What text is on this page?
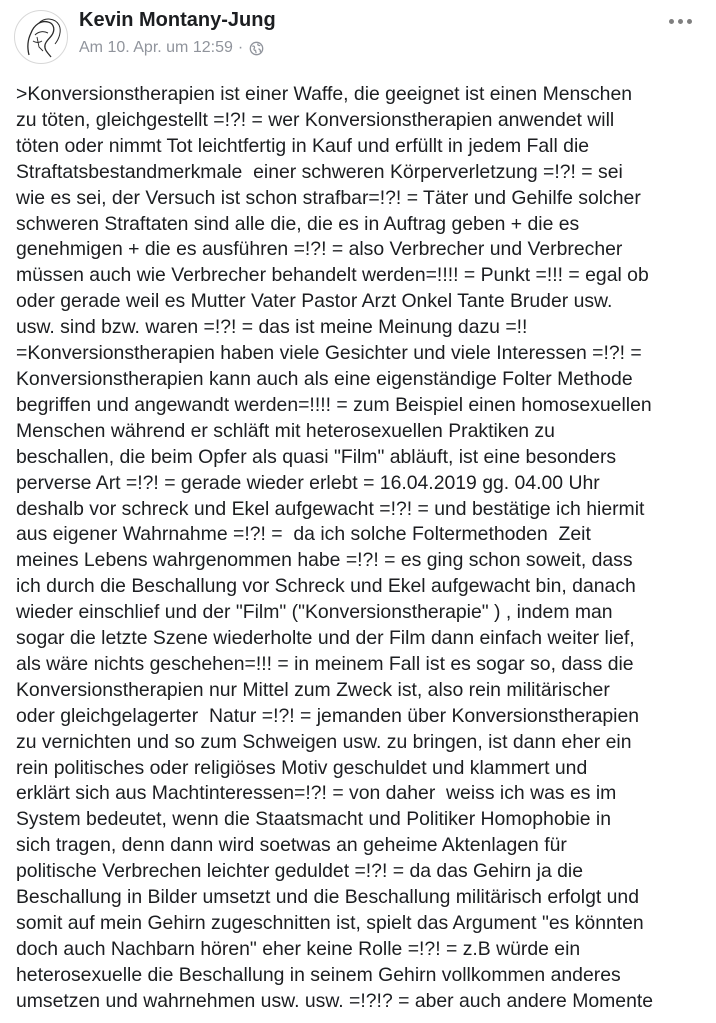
Kevin Montany-Jung
Am 10. Apr. um 12:59 ·
>Konversionstherapien ist einer Waffe, die geeignet ist einen Menschen
zu töten, gleichgestellt =!?! = wer Konversionstherapien anwendet will
töten oder nimmt Tot leichtfertig in Kauf und erfüllt in jedem Fall die
Straftatsbestandmerkmale  einer schweren Körperverletzung =!?! = sei
wie es sei, der Versuch ist schon strafbar=!?! = Täter und Gehilfe solcher
schweren Straftaten sind alle die, die es in Auftrag geben + die es
genehmigen + die es ausführen =!?! = also Verbrecher und Verbrecher
müssen auch wie Verbrecher behandelt werden=!!!! = Punkt =!!! = egal ob
oder gerade weil es Mutter Vater Pastor Arzt Onkel Tante Bruder usw.
usw. sind bzw. waren =!?! = das ist meine Meinung dazu =!!
=Konversionstherapien haben viele Gesichter und viele Interessen =!?! =
Konversionstherapien kann auch als eine eigenständige Folter Methode
begriffen und angewandt werden=!!!! = zum Beispiel einen homosexuellen
Menschen während er schläft mit heterosexuellen Praktiken zu
beschallen, die beim Opfer als quasi "Film" abläuft, ist eine besonders
perverse Art =!?! = gerade wieder erlebt = 16.04.2019 gg. 04.00 Uhr
deshalb vor schreck und Ekel aufgewacht =!?! = und bestätige ich hiermit
aus eigener Wahrnahme =!?! =  da ich solche Foltermethoden  Zeit
meines Lebens wahrgenommen habe =!?! = es ging schon soweit, dass
ich durch die Beschallung vor Schreck und Ekel aufgewacht bin, danach
wieder einschlief und der "Film" ("Konversionstherapie" ) , indem man
sogar die letzte Szene wiederholte und der Film dann einfach weiter lief,
als wäre nichts geschehen=!!! = in meinem Fall ist es sogar so, dass die
Konversionstherapien nur Mittel zum Zweck ist, also rein militärischer
oder gleichgelagerter  Natur =!?! = jemanden über Konversionstherapien
zu vernichten und so zum Schweigen usw. zu bringen, ist dann eher ein
rein politisches oder religiöses Motiv geschuldet und klammert und
erklärt sich aus Machtinteressen=!?! = von daher  weiss ich was es im
System bedeutet, wenn die Staatsmacht und Politiker Homophobie in
sich tragen, denn dann wird soetwas an geheime Aktenlagen für
politische Verbrechen leichter geduldet =!?! = da das Gehirn ja die
Beschallung in Bilder umsetzt und die Beschallung militärisch erfolgt und
somit auf mein Gehirn zugeschnitten ist, spielt das Argument "es könnten
doch auch Nachbarn hören" eher keine Rolle =!?! = z.B würde ein
heterosexuelle die Beschallung in seinem Gehirn vollkommen anderes
umsetzen und wahrnehmen usw. usw. =!?!? = aber auch andere Momente
